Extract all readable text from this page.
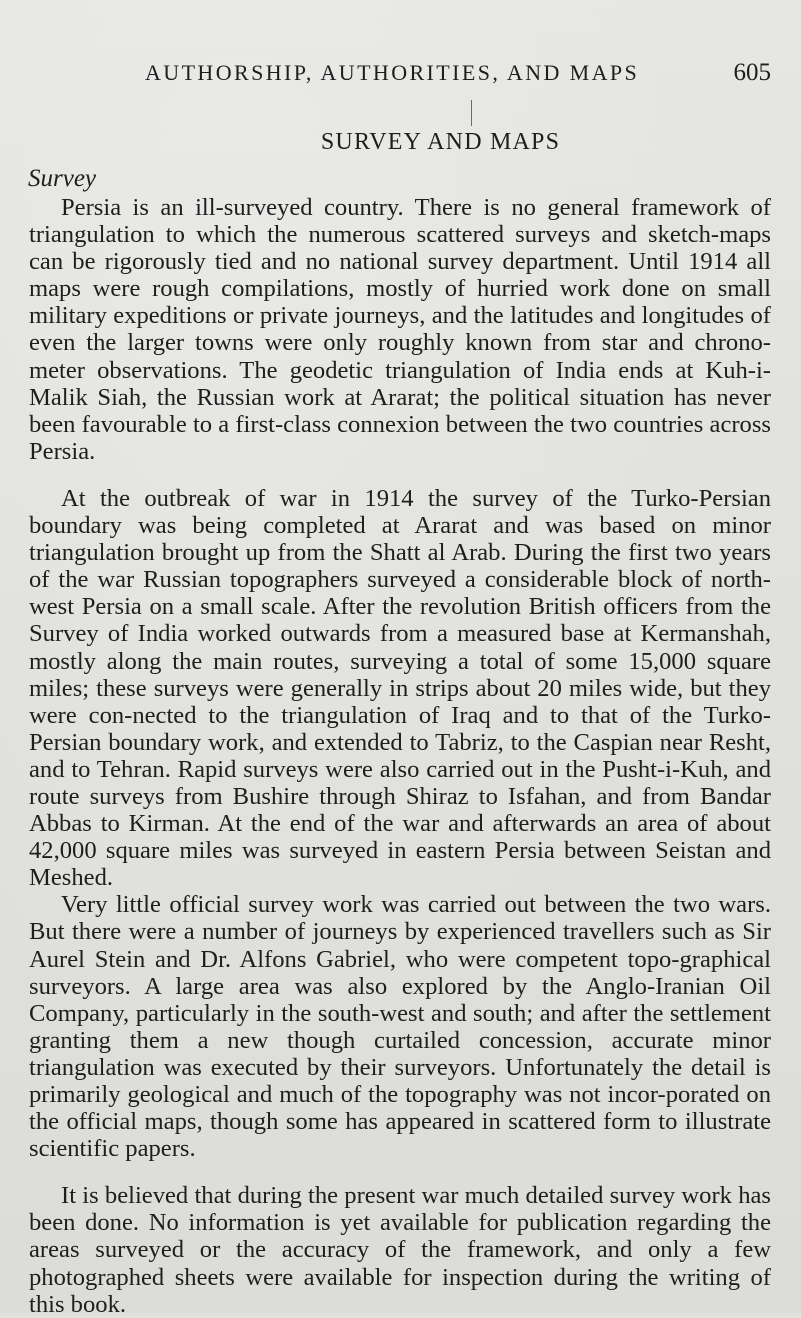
AUTHORSHIP, AUTHORITIES, AND MAPS	605
SURVEY AND MAPS
Survey

Persia is an ill-surveyed country. There is no general framework of triangulation to which the numerous scattered surveys and sketch-maps can be rigorously tied and no national survey department. Until 1914 all maps were rough compilations, mostly of hurried work done on small military expeditions or private journeys, and the latitudes and longitudes of even the larger towns were only roughly known from star and chrono-meter observations. The geodetic triangulation of India ends at Kuh-i-Malik Siah, the Russian work at Ararat; the political situation has never been favourable to a first-class connexion between the two countries across Persia.

At the outbreak of war in 1914 the survey of the Turko-Persian boundary was being completed at Ararat and was based on minor triangulation brought up from the Shatt al Arab. During the first two years of the war Russian topographers surveyed a considerable block of north-west Persia on a small scale. After the revolution British officers from the Survey of India worked outwards from a measured base at Kermanshah, mostly along the main routes, surveying a total of some 15,000 square miles; these surveys were generally in strips about 20 miles wide, but they were con-nected to the triangulation of Iraq and to that of the Turko-Persian boundary work, and extended to Tabriz, to the Caspian near Resht, and to Tehran. Rapid surveys were also carried out in the Pusht-i-Kuh, and route surveys from Bushire through Shiraz to Isfahan, and from Bandar Abbas to Kirman. At the end of the war and afterwards an area of about 42,000 square miles was surveyed in eastern Persia between Seistan and Meshed.

Very little official survey work was carried out between the two wars. But there were a number of journeys by experienced travellers such as Sir Aurel Stein and Dr. Alfons Gabriel, who were competent topo-graphical surveyors. A large area was also explored by the Anglo-Iranian Oil Company, particularly in the south-west and south; and after the settlement granting them a new though curtailed concession, accurate minor triangulation was executed by their surveyors. Unfortunately the detail is primarily geological and much of the topography was not incor-porated on the official maps, though some has appeared in scattered form to illustrate scientific papers.

It is believed that during the present war much detailed survey work has been done. No information is yet available for publication regarding the areas surveyed or the accuracy of the framework, and only a few photographed sheets were available for inspection during the writing of this book.
